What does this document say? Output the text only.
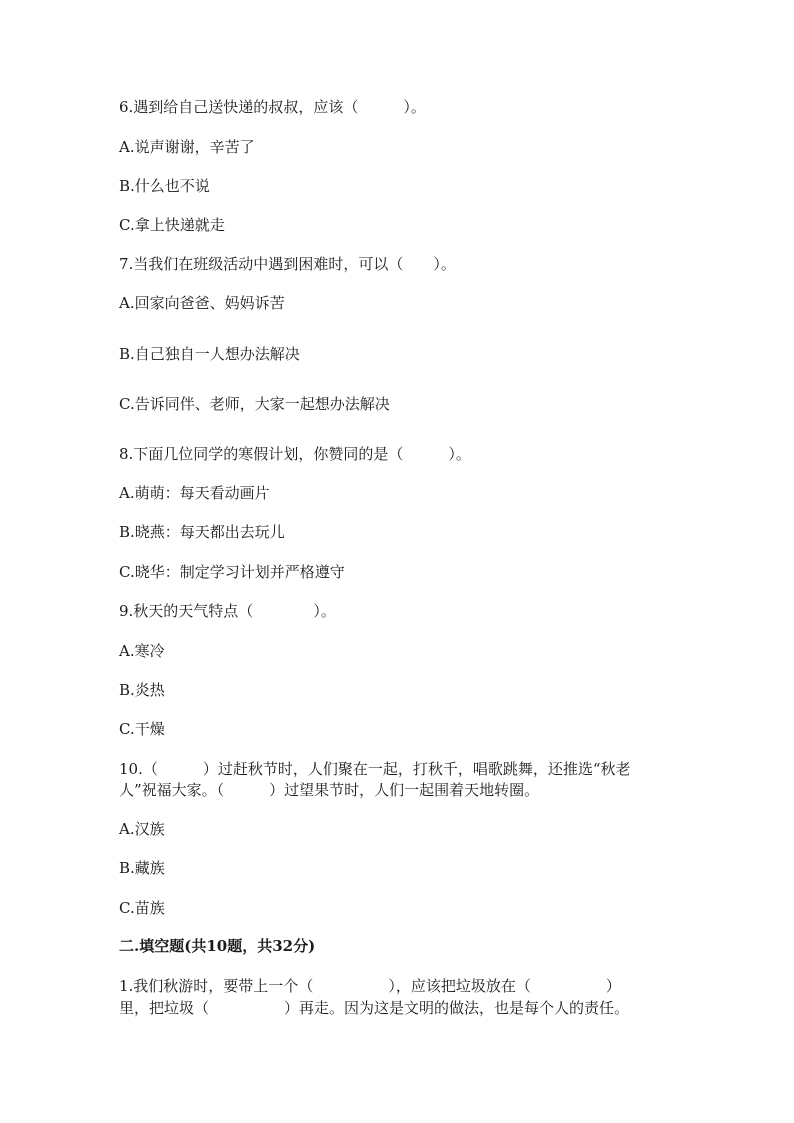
6.遇到给自己送快递的叔叔，应该（　　　）。
A.说声谢谢，辛苦了
B.什么也不说
C.拿上快递就走
7.当我们在班级活动中遇到困难时，可以（　　）。
A.回家向爸爸、妈妈诉苦
B.自己独自一人想办法解决
C.告诉同伴、老师，大家一起想办法解决
8.下面几位同学的寒假计划，你赞同的是（　　　）。
A.萌萌：每天看动画片
B.晓燕：每天都出去玩儿
C.晓华：制定学习计划并严格遵守
9.秋天的天气特点（　　　　）。
A.寒冷
B.炎热
C.干燥
10.（　　　）过赶秋节时，人们聚在一起，打秋千，唱歌跳舞，还推选“秋老
人”祝福大家。（　　　）过望果节时，人们一起围着天地转圈。
A.汉族
B.藏族
C.苗族
二.填空题(共10题，共32分)
1.我们秋游时，要带上一个（　　　　　），应该把垃圾放在（　　　　　）
里，把垃圾（　　　　　）再走。因为这是文明的做法，也是每个人的责任。
